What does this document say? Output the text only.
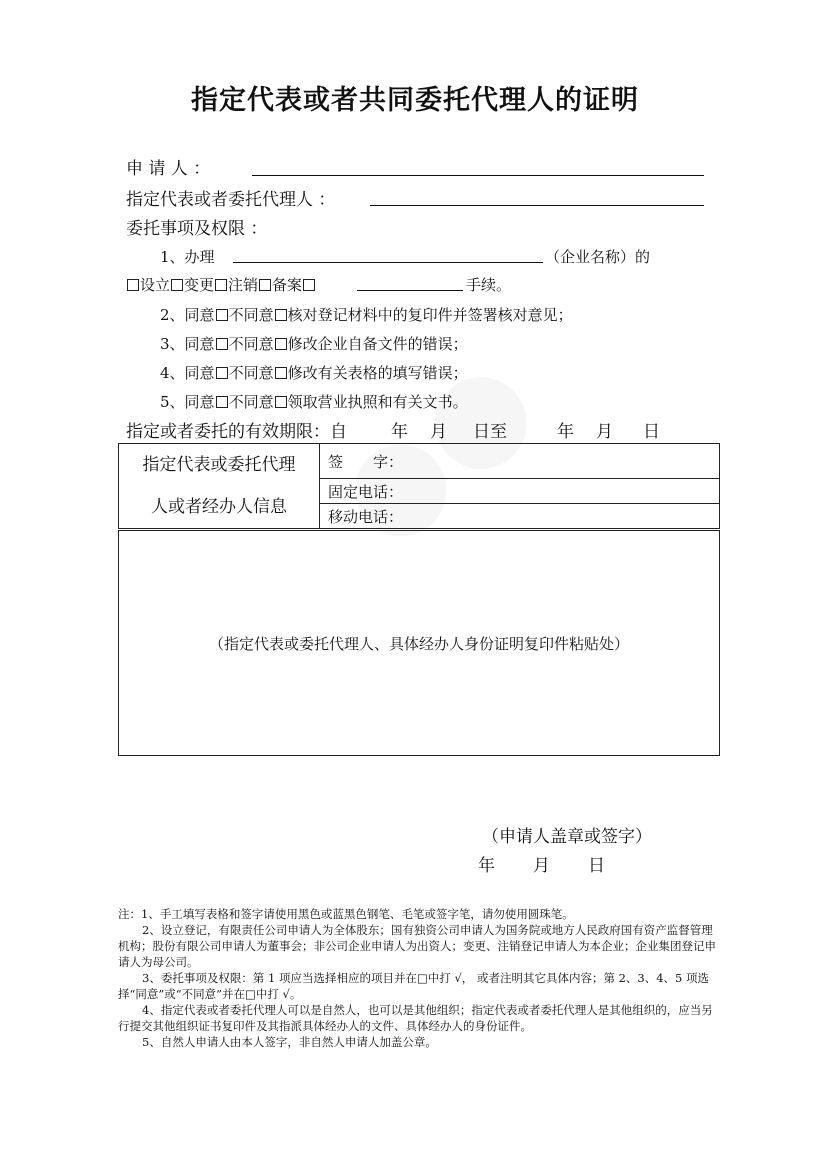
指定代表或者共同委托代理人的证明
申 请 人 ：
指定代表或者委托代理人 ：
委托事项及权限 ：
1、办理	（企业名称）的
设立 变更 注销 备案	手续。
2、同意 不同意 核对登记材料中的复印件并签署核对意见；
3、同意 不同意 修改企业自备文件的错误；
4、同意 不同意 修改有关表格的填写错误；
5、同意 不同意 领取营业执照和有关文书。
指定或者委托的有效期限：自	年 月 日至	年 月 日
指定代表或委托代理
人或者经办人信息
	签　　字：
固定电话：
移动电话：
（指定代表或委托代理人、具体经办人身份证明复印件粘贴处）
（申请人盖章或签字）
年 月 日

注：1、手工填写表格和签字请使用黑色或蓝黑色钢笔、毛笔或签字笔，请勿使用圆珠笔。

2、设立登记，有限责任公司申请人为全体股东；国有独资公司申请人为国务院或地方人民政府国有资产监督管理机构；股份有限公司申请人为董事会；非公司企业申请人为出资人；变更、注销登记申请人为本企业；企业集团登记申请人为母公司。

3、委托事项及权限：第 1 项应当选择相应的项目并在□中打 √， 或者注明其它具体内容；第 2、3、4、5 项选择“同意”或“不同意”并在□中打 √。

4、指定代表或者委托代理人可以是自然人，也可以是其他组织；指定代表或者委托代理人是其他组织的，应当另行提交其他组织证书复印件及其指派具体经办人的文件、具体经办人的身份证件。

5、自然人申请人由本人签字，非自然人申请人加盖公章。
